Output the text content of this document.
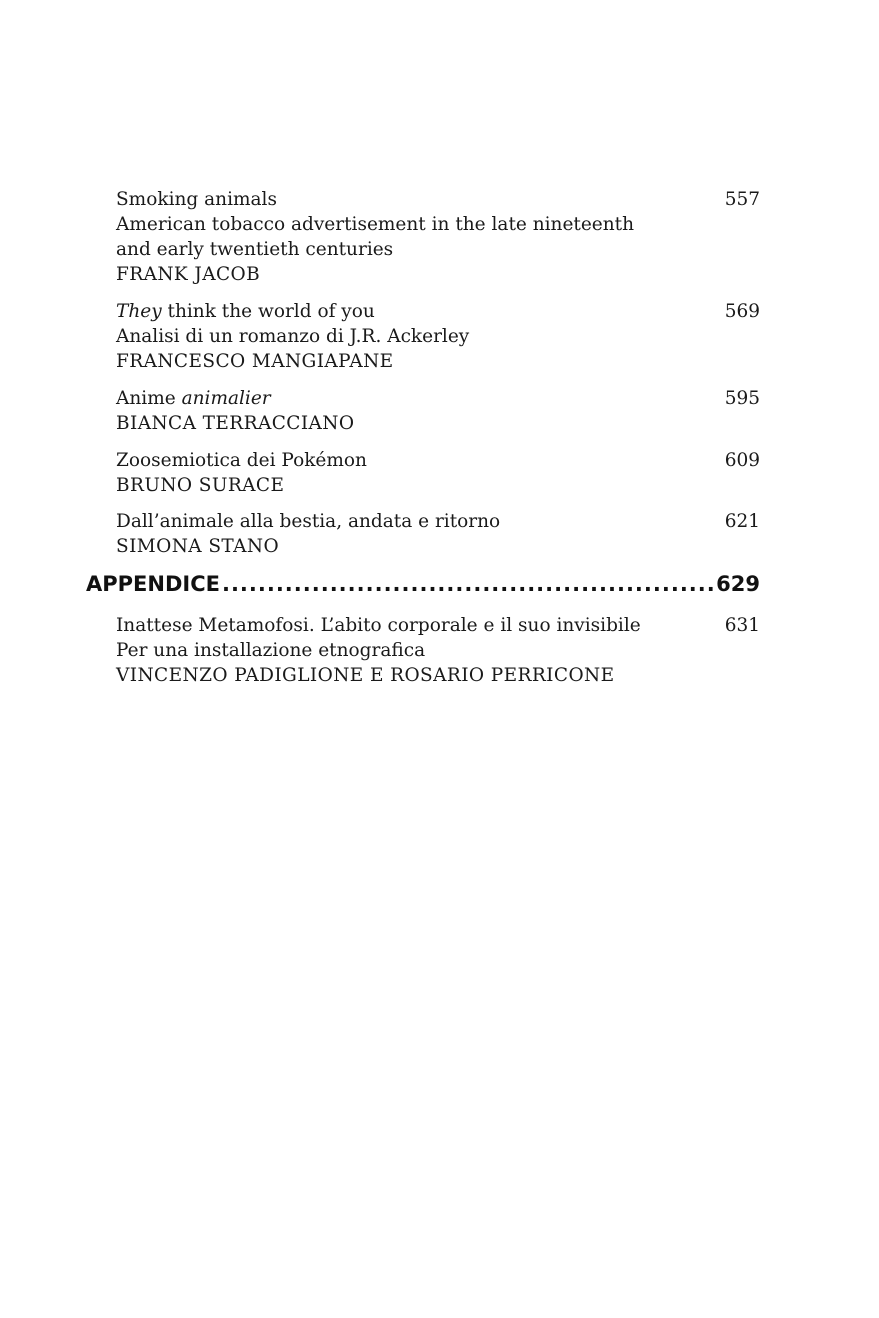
Smoking animals
American tobacco advertisement in the late nineteenth
and early twentieth centuries
FRANK JACOB
557
They think the world of you
Analisi di un romanzo di J.R. Ackerley
FRANCESCO MANGIAPANE
569
Anime animalier
BIANCA TERRACCIANO
595
Zoosemiotica dei Pokémon
BRUNO SURACE
609
Dall’animale alla bestia, andata e ritorno
SIMONA STANO
621
APPENDICE
.....	629
Inattese Metamofosi. L’abito corporale e il suo invisibile
Per una installazione etnografica
VINCENZO PADIGLIONE E ROSARIO PERRICONE
631
